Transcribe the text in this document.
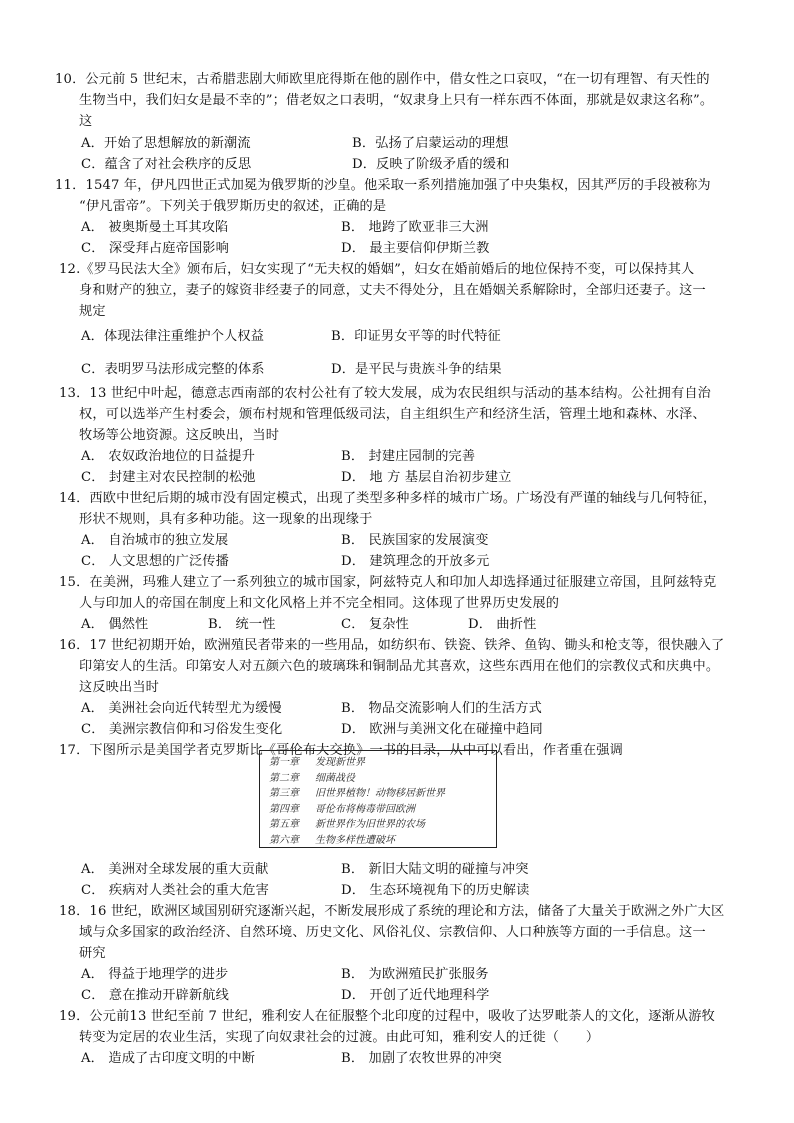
10．公元前 5 世纪末，古希腊悲剧大师欧里庇得斯在他的剧作中，借女性之口哀叹，“在一切有理智、有天性的
生物当中，我们妇女是最不幸的”；借老奴之口表明，“奴隶身上只有一样东西不体面，那就是奴隶这名称”。
这
A．开始了思想解放的新潮流	B．弘扬了启蒙运动的理想
C．蕴含了对社会秩序的反思	D．反映了阶级矛盾的缓和
11．1547 年，伊凡四世正式加冕为俄罗斯的沙皇。他采取一系列措施加强了中央集权，因其严厉的手段被称为
“伊凡雷帝”。下列关于俄罗斯历史的叙述，正确的是
A． 被奥斯曼土耳其攻陷	B． 地跨了欧亚非三大洲
C． 深受拜占庭帝国影响	D． 最主要信仰伊斯兰教
12.《罗马民法大全》颁布后，妇女实现了“无夫权的婚姻”，妇女在婚前婚后的地位保持不变，可以保持其人
身和财产的独立，妻子的嫁资非经妻子的同意，丈夫不得处分，且在婚姻关系解除时，全部归还妻子。这一
规定
A．体现法律注重维护个人权益	B．印证男女平等的时代特征
C．表明罗马法形成完整的体系	D．是平民与贵族斗争的结果
13．13 世纪中叶起，德意志西南部的农村公社有了较大发展，成为农民组织与活动的基本结构。公社拥有自治
权，可以选举产生村委会，颁布村规和管理低级司法，自主组织生产和经济生活，管理土地和森林、水泽、
牧场等公地资源。这反映出，当时
A． 农奴政治地位的日益提升	B． 封建庄园制的完善
C． 封建主对农民控制的松弛	D． 地 方 基层自治初步建立
14．西欧中世纪后期的城市没有固定模式，出现了类型多种多样的城市广场。广场没有严谨的轴线与几何特征，
形状不规则，具有多种功能。这一现象的出现缘于
A． 自治城市的独立发展	B． 民族国家的发展演变
C． 人文思想的广泛传播	D． 建筑理念的开放多元
15．在美洲，玛雅人建立了一系列独立的城市国家，阿兹特克人和印加人却选择通过征服建立帝国，且阿兹特克
人与印加人的帝国在制度上和文化风格上并不完全相同。这体现了世界历史发展的
A． 偶然性	B． 统一性	C． 复杂性	D． 曲折性
16．17 世纪初期开始，欧洲殖民者带来的一些用品，如纺织布、铁瓷、铁斧、鱼钩、锄头和枪支等，很快融入了
印第安人的生活。印第安人对五颜六色的玻璃珠和铜制品尤其喜欢，这些东西用在他们的宗教仪式和庆典中。
这反映出当时
A． 美洲社会向近代转型尤为缓慢	B． 物品交流影响人们的生活方式
C． 美洲宗教信仰和习俗发生变化	D． 欧洲与美洲文化在碰撞中趋同
17．下图所示是美国学者克罗斯比《哥伦布大交换》一书的目录，从中可以看出，作者重在强调
第一章 发现新世界
第二章 细菌战役
第三章 旧世界植物！动物移居新世界
第四章 哥伦布将梅毒带回欧洲
第五章 新世界作为旧世界的农场
第六章 生物多样性遭破坏
A． 美洲对全球发展的重大贡献	B． 新旧大陆文明的碰撞与冲突
C． 疾病对人类社会的重大危害	D． 生态环境视角下的历史解读
18．16 世纪，欧洲区域国别研究逐渐兴起，不断发展形成了系统的理论和方法，储备了大量关于欧洲之外广大区
域与众多国家的政治经济、自然环境、历史文化、风俗礼仪、宗教信仰、人口种族等方面的一手信息。这一
研究
A． 得益于地理学的进步	B． 为欧洲殖民扩张服务
C． 意在推动开辟新航线	D． 开创了近代地理科学
19．公元前13 世纪至前 7 世纪，雅利安人在征服整个北印度的过程中，吸收了达罗毗荼人的文化，逐渐从游牧
转变为定居的农业生活，实现了向奴隶社会的过渡。由此可知，雅利安人的迁徙（　　）
A． 造成了古印度文明的中断	B． 加剧了农牧世界的冲突
